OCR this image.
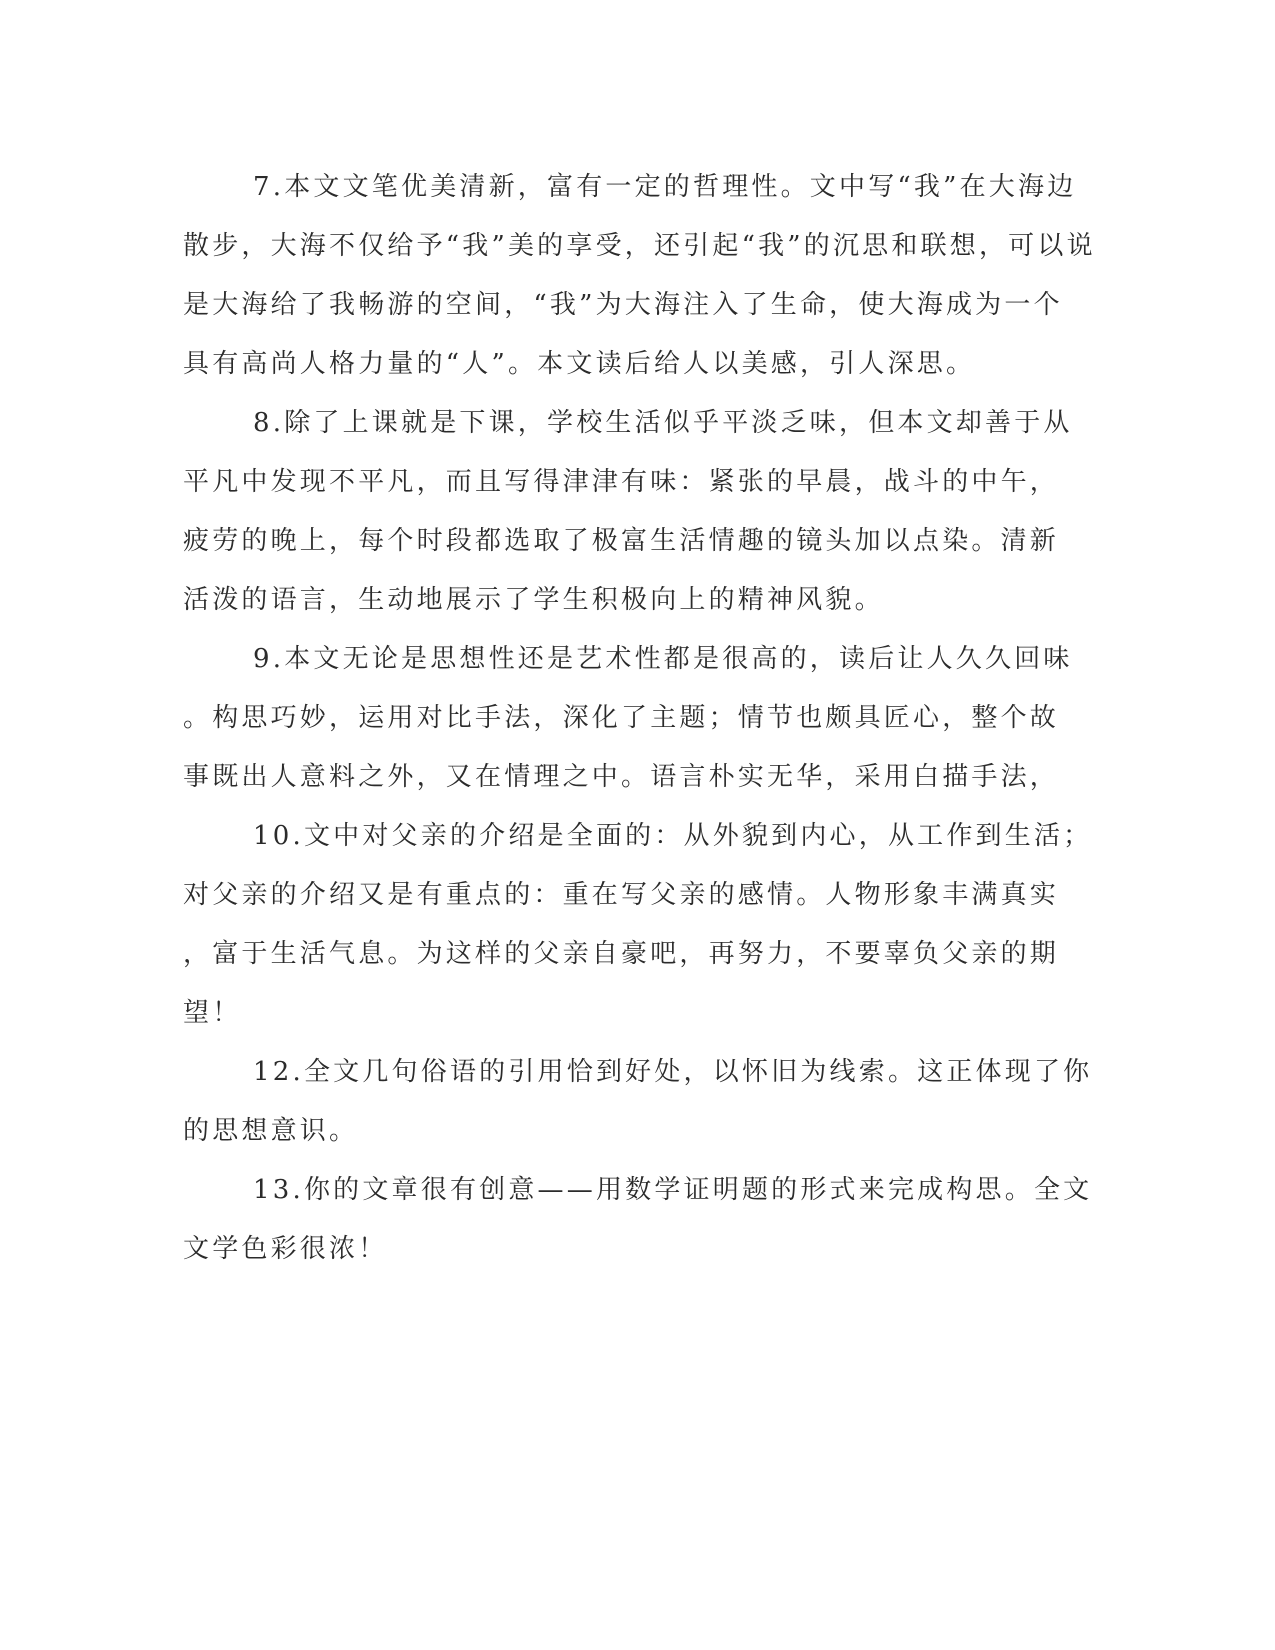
7.本文文笔优美清新，富有一定的哲理性。文中写“我”在大海边
散步，大海不仅给予“我”美的享受，还引起“我”的沉思和联想，可以说
是大海给了我畅游的空间，“我”为大海注入了生命，使大海成为一个
具有高尚人格力量的“人”。本文读后给人以美感，引人深思。
8.除了上课就是下课，学校生活似乎平淡乏味，但本文却善于从
平凡中发现不平凡，而且写得津津有味：紧张的早晨，战斗的中午，
疲劳的晚上，每个时段都选取了极富生活情趣的镜头加以点染。清新
活泼的语言，生动地展示了学生积极向上的精神风貌。
9.本文无论是思想性还是艺术性都是很高的，读后让人久久回味
。构思巧妙，运用对比手法，深化了主题；情节也颇具匠心，整个故
事既出人意料之外，又在情理之中。语言朴实无华，采用白描手法，
10.文中对父亲的介绍是全面的：从外貌到内心，从工作到生活；
对父亲的介绍又是有重点的：重在写父亲的感情。人物形象丰满真实
，富于生活气息。为这样的父亲自豪吧，再努力，不要辜负父亲的期
望！
12.全文几句俗语的引用恰到好处，以怀旧为线索。这正体现了你
的思想意识。
13.你的文章很有创意——用数学证明题的形式来完成构思。全文
文学色彩很浓！
